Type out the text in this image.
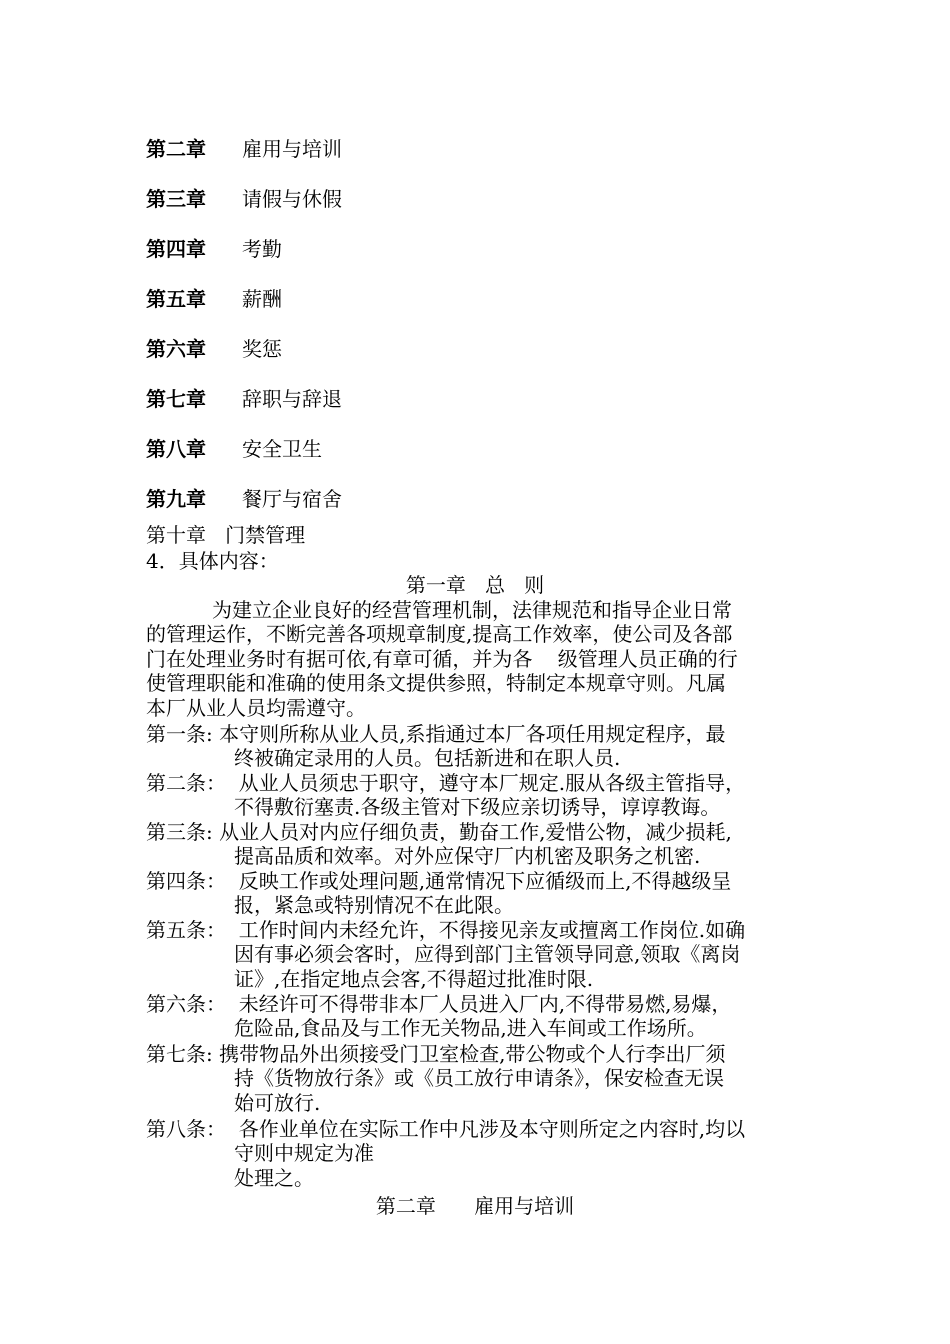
第二章 雇用与培训
第三章 请假与休假
第四章 考勤
第五章 薪酬
第六章 奖惩
第七章 辞职与辞退
第八章 安全卫生
第九章 餐厅与宿舍
第十章   门禁管理
4．具体内容：
第一章   总   则
为建立企业良好的经营管理机制，法律规范和指导企业日常
的管理运作，不断完善各项规章制度,提高工作效率，使公司及各部
门在处理业务时有据可依,有章可循，并为各    级管理人员正确的行
使管理职能和准确的使用条文提供参照，特制定本规章守则。凡属
本厂从业人员均需遵守。
第一条: 本守则所称从业人员,系指通过本厂各项任用规定程序，最
终被确定录用的人员。包括新进和在职人员.
第二条：  从业人员须忠于职守，遵守本厂规定.服从各级主管指导，
不得敷衍塞责.各级主管对下级应亲切诱导，谆谆教诲。
第三条: 从业人员对内应仔细负责，勤奋工作,爱惜公物，减少损耗,
提高品质和效率。对外应保守厂内机密及职务之机密.
第四条：  反映工作或处理问题,通常情况下应循级而上,不得越级呈
报，紧急或特别情况不在此限。
第五条：  工作时间内未经允许，不得接见亲友或擅离工作岗位.如确
因有事必须会客时，应得到部门主管领导同意,领取《离岗
证》,在指定地点会客,不得超过批准时限.
第六条：  未经许可不得带非本厂人员进入厂内,不得带易燃,易爆，
危险品,食品及与工作无关物品,进入车间或工作场所。
第七条: 携带物品外出须接受门卫室检查,带公物或个人行李出厂须
持《货物放行条》或《员工放行申请条》，保安检查无误
始可放行.
第八条：  各作业单位在实际工作中凡涉及本守则所定之内容时,均以
守则中规定为准
处理之。
第二章      雇用与培训
